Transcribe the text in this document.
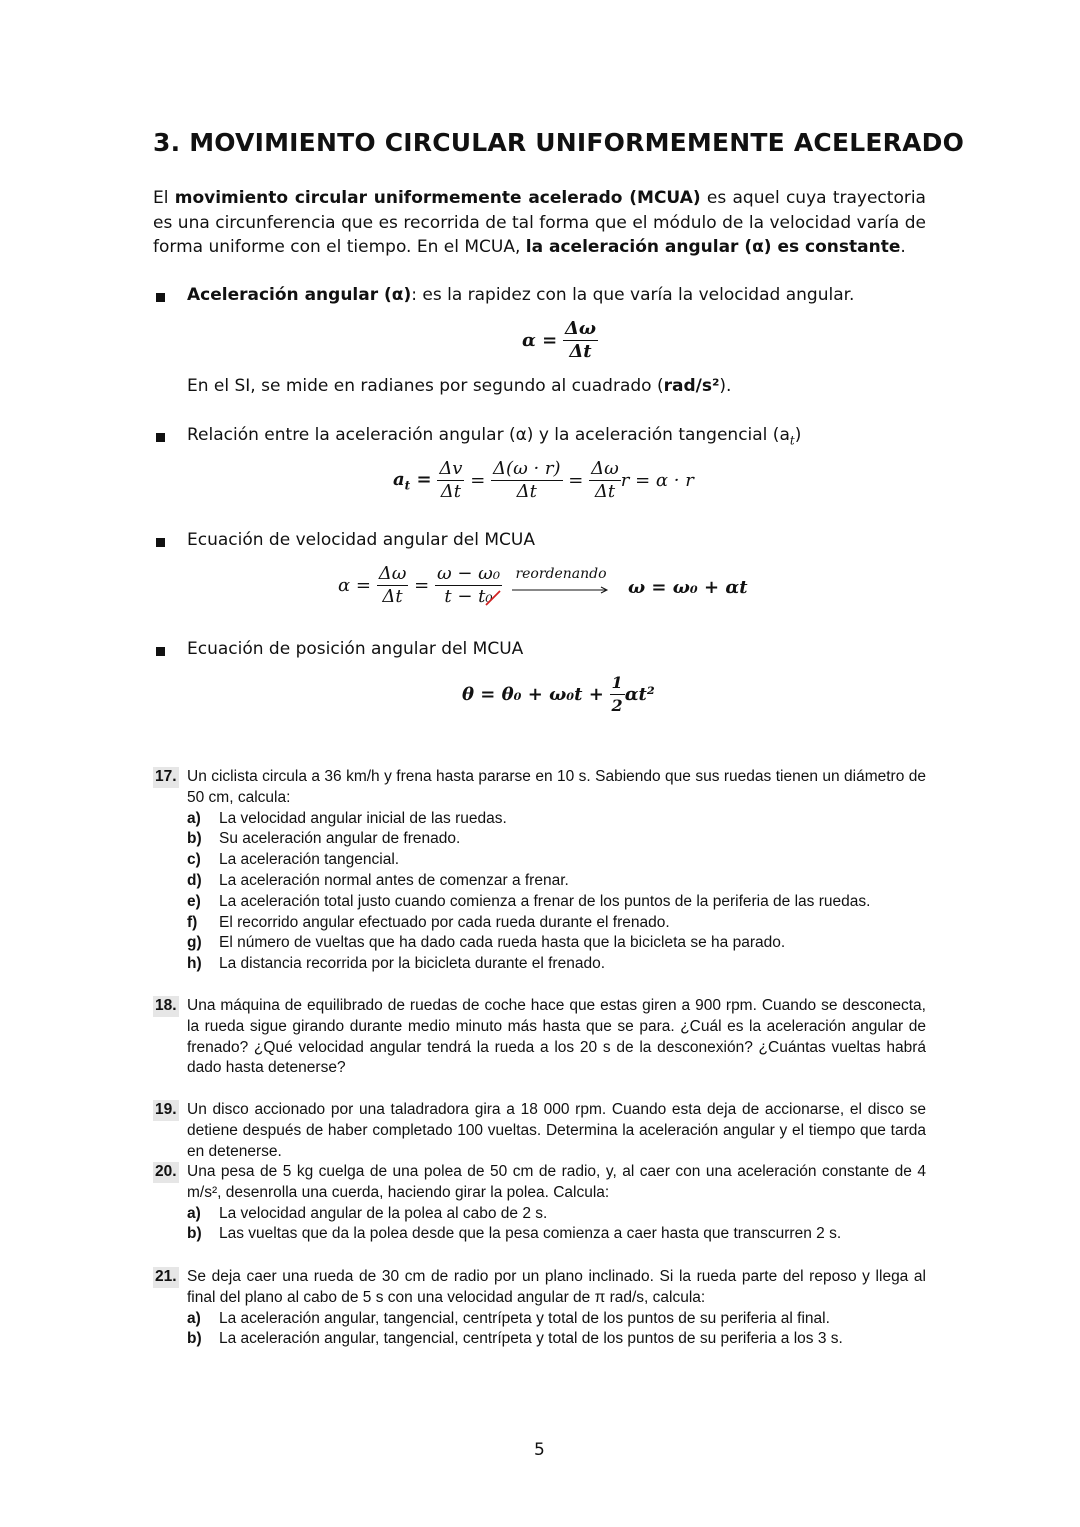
3. MOVIMIENTO CIRCULAR UNIFORMEMENTE ACELERADO

El movimiento circular uniformemente acelerado (MCUA) es aquel cuya trayectoria es una circunferencia que es recorrida de tal forma que el módulo de la velocidad varía de forma uniforme con el tiempo. En el MCUA, la aceleración angular (α) es constante.

Aceleración angular (α): es la rapidez con la que varía la velocidad angular.
$\alpha = \frac{\Delta\omega}{\Delta t}$
En el SI, se mide en radianes por segundo al cuadrado (rad/s²).
Relación entre la aceleración angular (α) y la aceleración tangencial $(a_t)$
$a_t = \frac{\Delta v}{\Delta t} = \frac{\Delta(\omega \cdot r)}{\Delta t} = \frac{\Delta\omega}{\Delta t}$ r = α · r
Ecuación de velocidad angular del MCUA
$\alpha = \frac{\Delta\omega}{\Delta t} = \frac{\text{ω − ω₀}}{\text{t − t₀}}$ reordenando
ω = ω₀ + αt
Ecuación de posición angular del MCUA
$\theta = \theta_0 + \omega_0t + \frac{1}{2} \alpha t^2$
17. Un ciclista circula a 36 km/h y frena hasta pararse en 10 s. Sabiendo que sus ruedas tienen un diámetro de 50 cm, calcula:
a) La velocidad angular inicial de las ruedas.
b) Su aceleración angular de frenado.
c) La aceleración tangencial.
d) La aceleración normal antes de comenzar a frenar.
e) La aceleración total justo cuando comienza a frenar de los puntos de la periferia de las ruedas.
f) El recorrido angular efectuado por cada rueda durante el frenado.
g) El número de vueltas que ha dado cada rueda hasta que la bicicleta se ha parado.
h) La distancia recorrida por la bicicleta durante el frenado.
18. Una máquina de equilibrado de ruedas de coche hace que estas giren a 900 rpm. Cuando se desconecta, la rueda sigue girando durante medio minuto más hasta que se para. ¿Cuál es la aceleración angular de frenado? ¿Qué velocidad angular tendrá la rueda a los 20 s de la desconexión? ¿Cuántas vueltas habrá dado hasta detenerse?
19. Un disco accionado por una taladradora gira a 18 000 rpm. Cuando esta deja de accionarse, el disco se detiene después de haber completado 100 vueltas. Determina la aceleración angular y el tiempo que tarda en detenerse.
20. Una pesa de 5 kg cuelga de una polea de 50 cm de radio, y, al caer con una aceleración constante de 4 m/s², desenrolla una cuerda, haciendo girar la polea. Calcula:
a) La velocidad angular de la polea al cabo de 2 s.
b) Las vueltas que da la polea desde que la pesa comienza a caer hasta que transcurren 2 s.
21. Se deja caer una rueda de 30 cm de radio por un plano inclinado. Si la rueda parte del reposo y llega al final del plano al cabo de 5 s con una velocidad angular de π rad/s, calcula:
a) La aceleración angular, tangencial, centrípeta y total de los puntos de su periferia al final.
b) La aceleración angular, tangencial, centrípeta y total de los puntos de su periferia a los 3 s.
5
